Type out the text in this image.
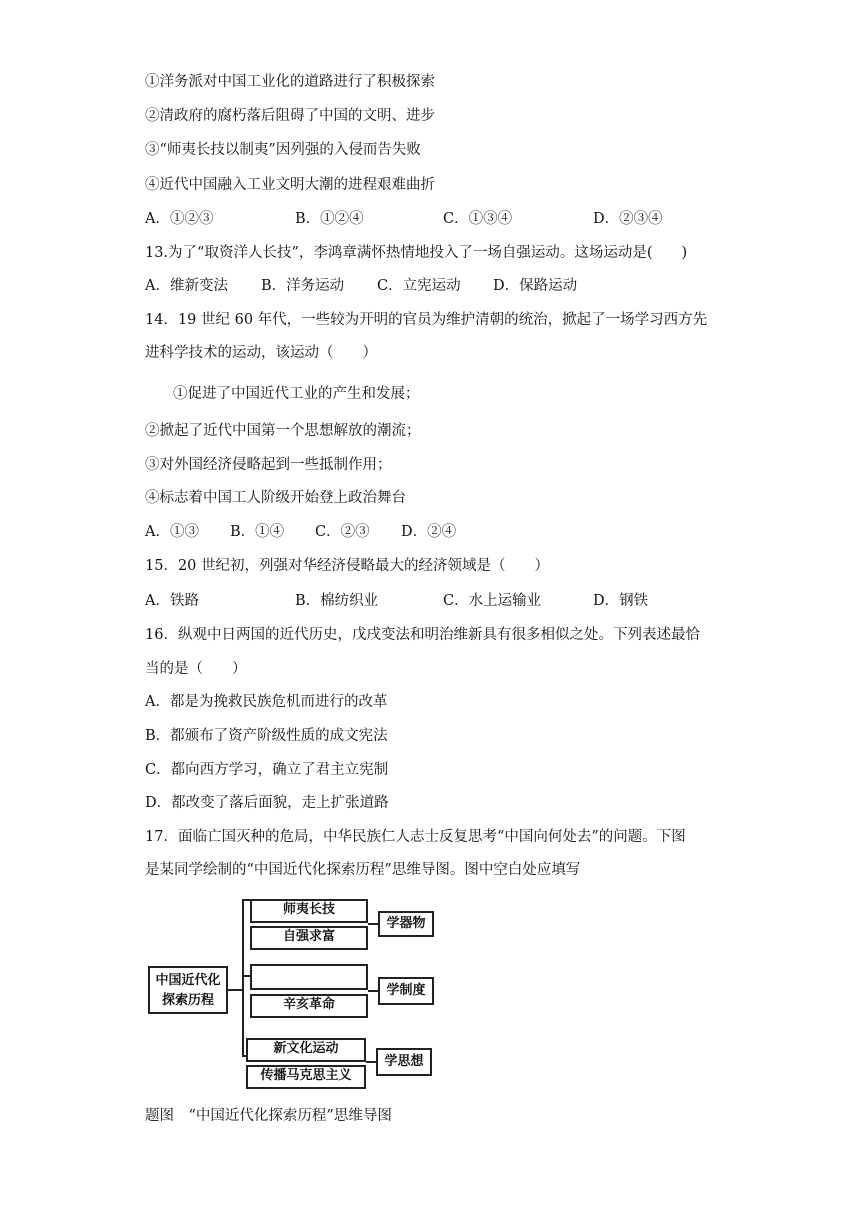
①洋务派对中国工业化的道路进行了积极探索
②清政府的腐朽落后阻碍了中国的文明、进步
③“师夷长技以制夷”因列强的入侵而告失败
④近代中国融入工业文明大潮的进程艰难曲折
A．①②③	B．①②④	C．①③④	D．②③④
13.为了“取资洋人长技”，李鸿章满怀热情地投入了一场自强运动。这场运动是(　　)
A．维新变法 B．洋务运动 C．立宪运动 D．保路运动
14．19 世纪 60 年代，一些较为开明的官员为维护清朝的统治，掀起了一场学习西方先
进科学技术的运动，该运动（　　）
①促进了中国近代工业的产生和发展；
②掀起了近代中国第一个思想解放的潮流；
③对外国经济侵略起到一些抵制作用；
④标志着中国工人阶级开始登上政治舞台
A．①③ B．①④ C．②③ D．②④
15．20 世纪初，列强对华经济侵略最大的经济领域是（　　）
A．铁路	B．棉纺织业	C．水上运输业	D．钢铁
16．纵观中日两国的近代历史，戊戌变法和明治维新具有很多相似之处。下列表述最恰
当的是（　　）
A．都是为挽救民族危机而进行的改革
B．都颁布了资产阶级性质的成文宪法
C．都向西方学习，确立了君主立宪制
D．都改变了落后面貌，走上扩张道路
17．面临亡国灭种的危局，中华民族仁人志士反复思考“中国向何处去”的问题。下图
是某同学绘制的“中国近代化探索历程”思维导图。图中空白处应填写
中国近代化
探索历程
师夷长技
自强求富
学器物
辛亥革命
学制度
新文化运动
传播马克思主义
学思想
题图　“中国近代化探索历程”思维导图
